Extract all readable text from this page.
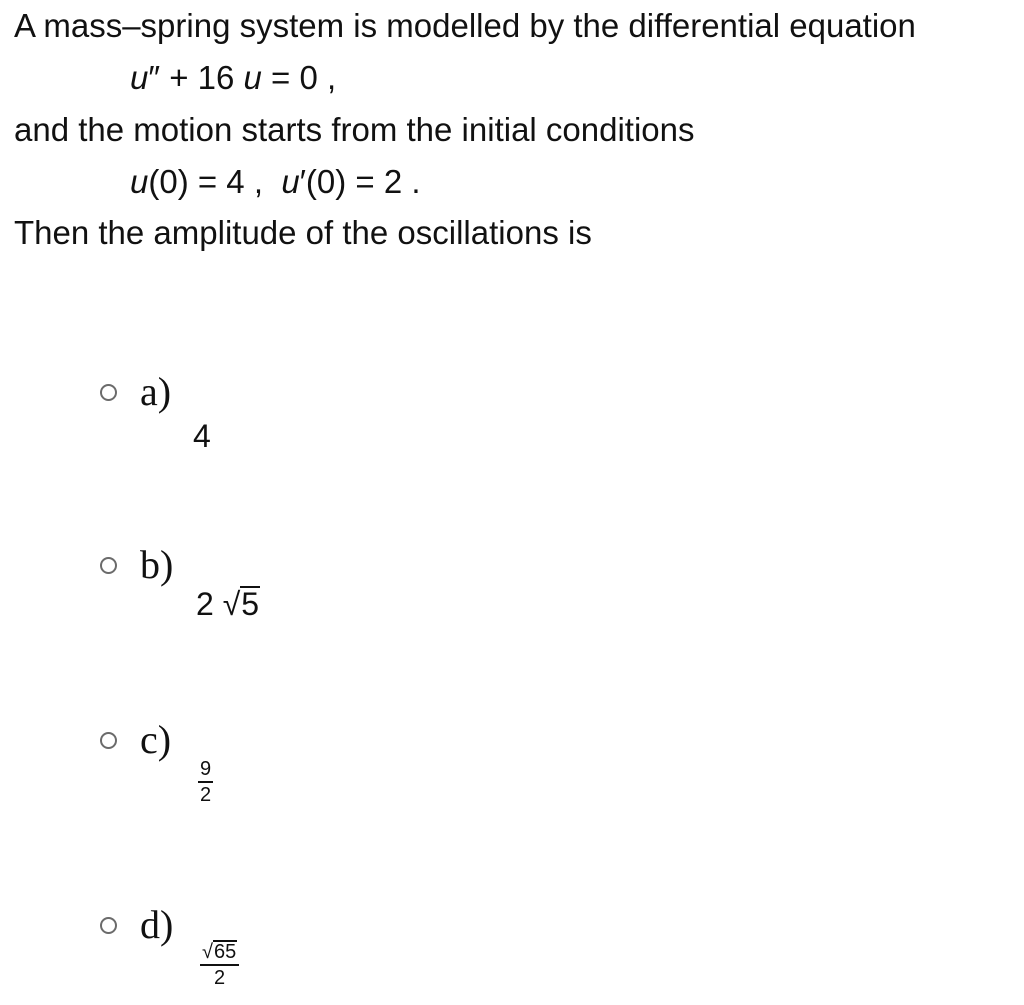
A mass–spring system is modelled by the differential equation
u″ + 16 u = 0 ,
and the motion starts from the initial conditions
u(0) = 4 ,  u′(0) = 2 .
Then the amplitude of the oscillations is
a)
4
b)
2 √5
c)
$\frac{9}{2}$
d)
$\frac{√65}{2}$
